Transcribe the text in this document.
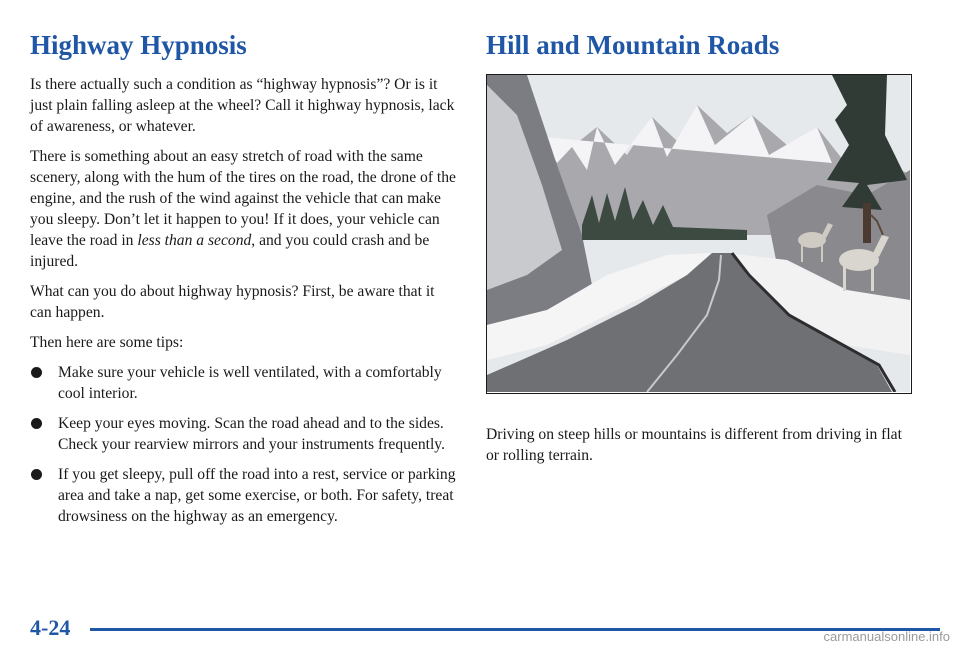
Highway Hypnosis

Is there actually such a condition as “highway hypnosis”? Or is it just plain falling asleep at the wheel? Call it highway hypnosis, lack of awareness, or whatever.

There is something about an easy stretch of road with the same scenery, along with the hum of the tires on the road, the drone of the engine, and the rush of the wind against the vehicle that can make you sleepy. Don’t let it happen to you! If it does, your vehicle can leave the road in less than a second, and you could crash and be injured.

What can you do about highway hypnosis? First, be aware that it can happen.

Then here are some tips:

Make sure your vehicle is well ventilated, with a comfortably cool interior.
Keep your eyes moving. Scan the road ahead and to the sides. Check your rearview mirrors and your instruments frequently.
If you get sleepy, pull off the road into a rest, service or parking area and take a nap, get some exercise, or both. For safety, treat drowsiness on the highway as an emergency.
Hill and Mountain Roads

Driving on steep hills or mountains is different from driving in flat or rolling terrain.

4-24	carmanualsonline.info
